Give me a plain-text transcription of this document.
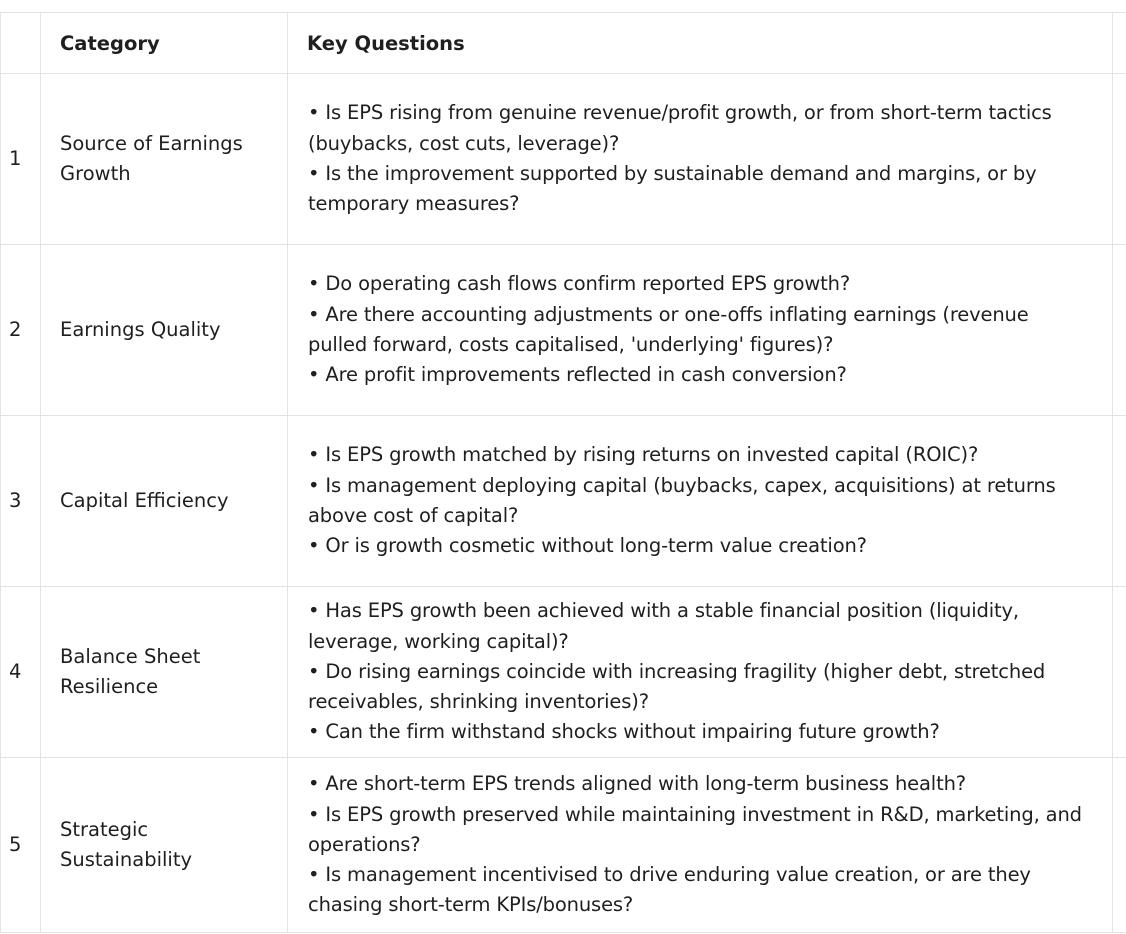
	Category	Key Questions	
1	Source of Earnings Growth	• Is EPS rising from genuine revenue/profit growth, or from short-term tactics (buybacks, cost cuts, leverage)?
• Is the improvement supported by sustainable demand and margins, or by temporary measures?	
2	Earnings Quality	• Do operating cash flows confirm reported EPS growth?
• Are there accounting adjustments or one-offs inflating earnings (revenue pulled forward, costs capitalised, 'underlying' figures)?
• Are profit improvements reflected in cash conversion?	
3	Capital Efficiency	• Is EPS growth matched by rising returns on invested capital (ROIC)?
• Is management deploying capital (buybacks, capex, acquisitions) at returns above cost of capital?
• Or is growth cosmetic without long-term value creation?	
4	Balance Sheet Resilience	• Has EPS growth been achieved with a stable financial position (liquidity, leverage, working capital)?
• Do rising earnings coincide with increasing fragility (higher debt, stretched receivables, shrinking inventories)?
• Can the firm withstand shocks without impairing future growth?	
5	Strategic Sustainability	• Are short-term EPS trends aligned with long-term business health?
• Is EPS growth preserved while maintaining investment in R&D, marketing, and operations?
• Is management incentivised to drive enduring value creation, or are they chasing short-term KPIs/bonuses?	
